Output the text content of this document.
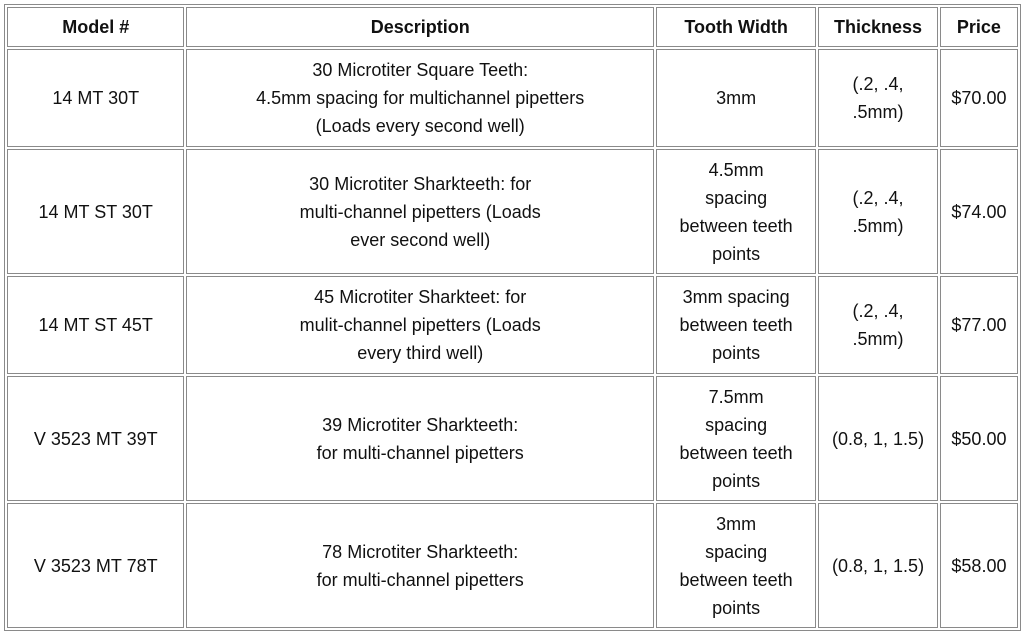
Model #	Description	Tooth Width	Thickness	Price
14 MT 30T	30 Microtiter Square Teeth:
4.5mm spacing for multichannel pipetters
(Loads every second well)	3mm	(.2, .4,
.5mm)	$70.00
14 MT ST 30T	30 Microtiter Sharkteeth: for
multi-channel pipetters (Loads
ever second well)	4.5mm
spacing
between teeth
points	(.2, .4,
.5mm)	$74.00
14 MT ST 45T	45 Microtiter Sharkteet: for
mulit-channel pipetters (Loads
every third well)	3mm spacing
between teeth
points	(.2, .4,
.5mm)	$77.00
V 3523 MT 39T	39 Microtiter Sharkteeth:
for multi-channel pipetters	7.5mm
spacing
between teeth
points	(0.8, 1, 1.5)	$50.00
V 3523 MT 78T	78 Microtiter Sharkteeth:
for multi-channel pipetters	3mm
spacing
between teeth
points	(0.8, 1, 1.5)	$58.00
